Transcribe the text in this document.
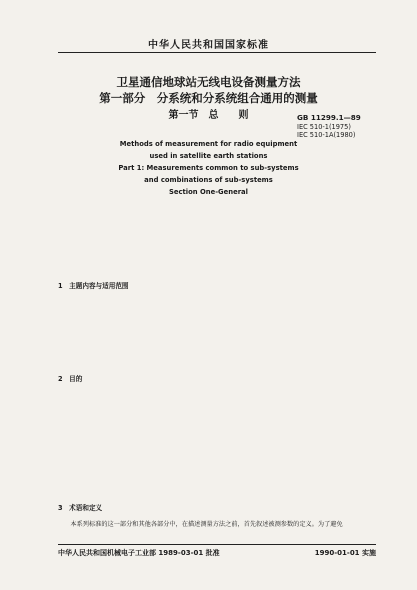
中华人民共和国国家标准
卫星通信地球站无线电设备测量方法
第一部分　分系统和分系统组合通用的测量
第一节　总　　则	GB 11299.1—89
IEC 510-1(1975)
IEC 510-1A(1980)
Methods of measurement for radio equipment
used in satellite earth stations
Part 1: Measurements common to sub-systems
and combinations of sub-systems
Section One-General
1　主题内容与适用范围
2　目的
3　术语和定义

本系列标准的这一部分和其他各部分中，在描述测量方法之前，首先叙述被测参数的定义。为了避免

中华人民共和国机械电子工业部 1989-03-01 批准	1990-01-01 实施
